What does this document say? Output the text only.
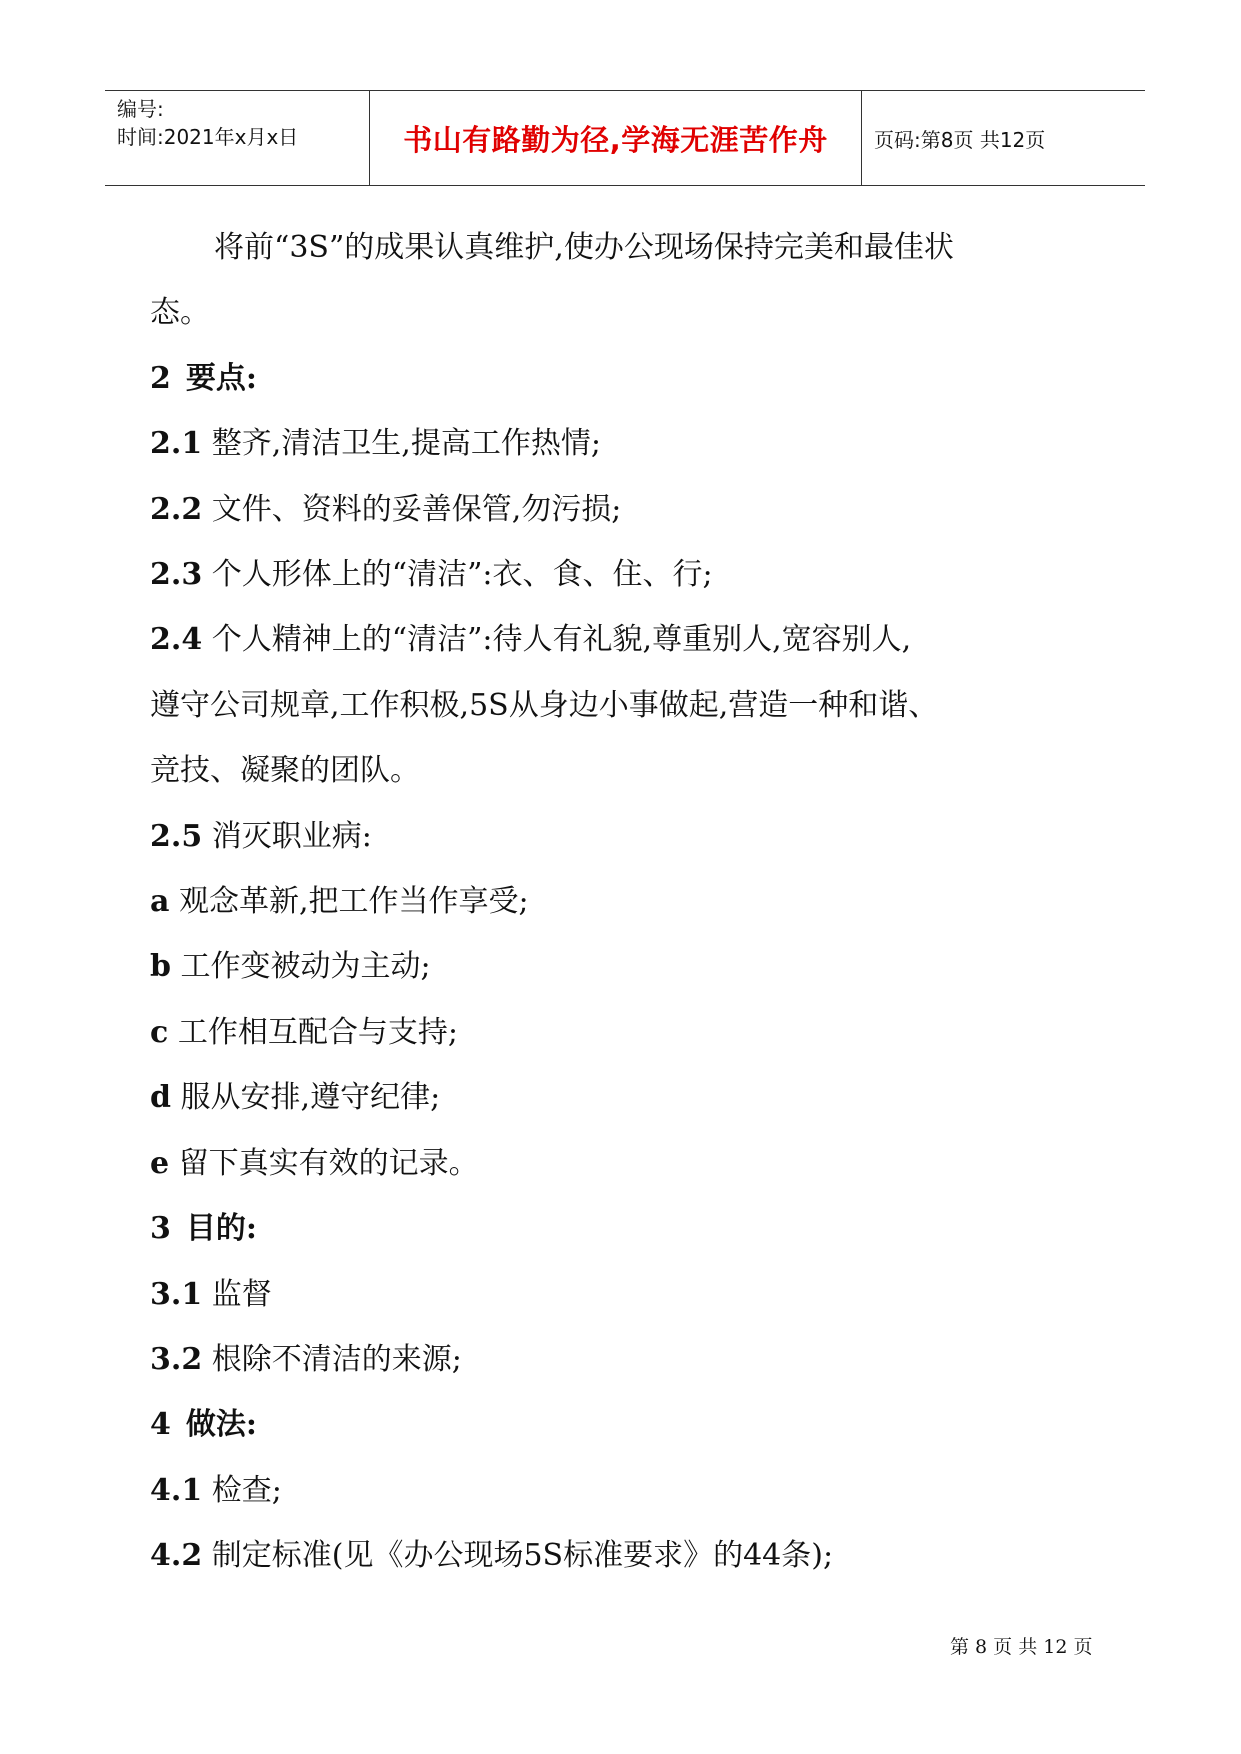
编号:
时间:2021年x月x日	书山有路勤为径,学海无涯苦作舟	页码:第8页 共12页
将前“3S”的成果认真维护,使办公现场保持完美和最佳状
态。
2 要点:
2.1 整齐,清洁卫生,提高工作热情;
2.2 文件、资料的妥善保管,勿污损;
2.3 个人形体上的“清洁”:衣、食、住、行;
2.4 个人精神上的“清洁”:待人有礼貌,尊重别人,宽容别人,
遵守公司规章,工作积极,5S从身边小事做起,营造一种和谐、
竞技、凝聚的团队。
2.5 消灭职业病:
a 观念革新,把工作当作享受;
b 工作变被动为主动;
c 工作相互配合与支持;
d 服从安排,遵守纪律;
e 留下真实有效的记录。
3 目的:
3.1 监督
3.2 根除不清洁的来源;
4 做法:
4.1 检查;
4.2 制定标准(见《办公现场5S标准要求》的44条);
第 8 页 共 12 页
